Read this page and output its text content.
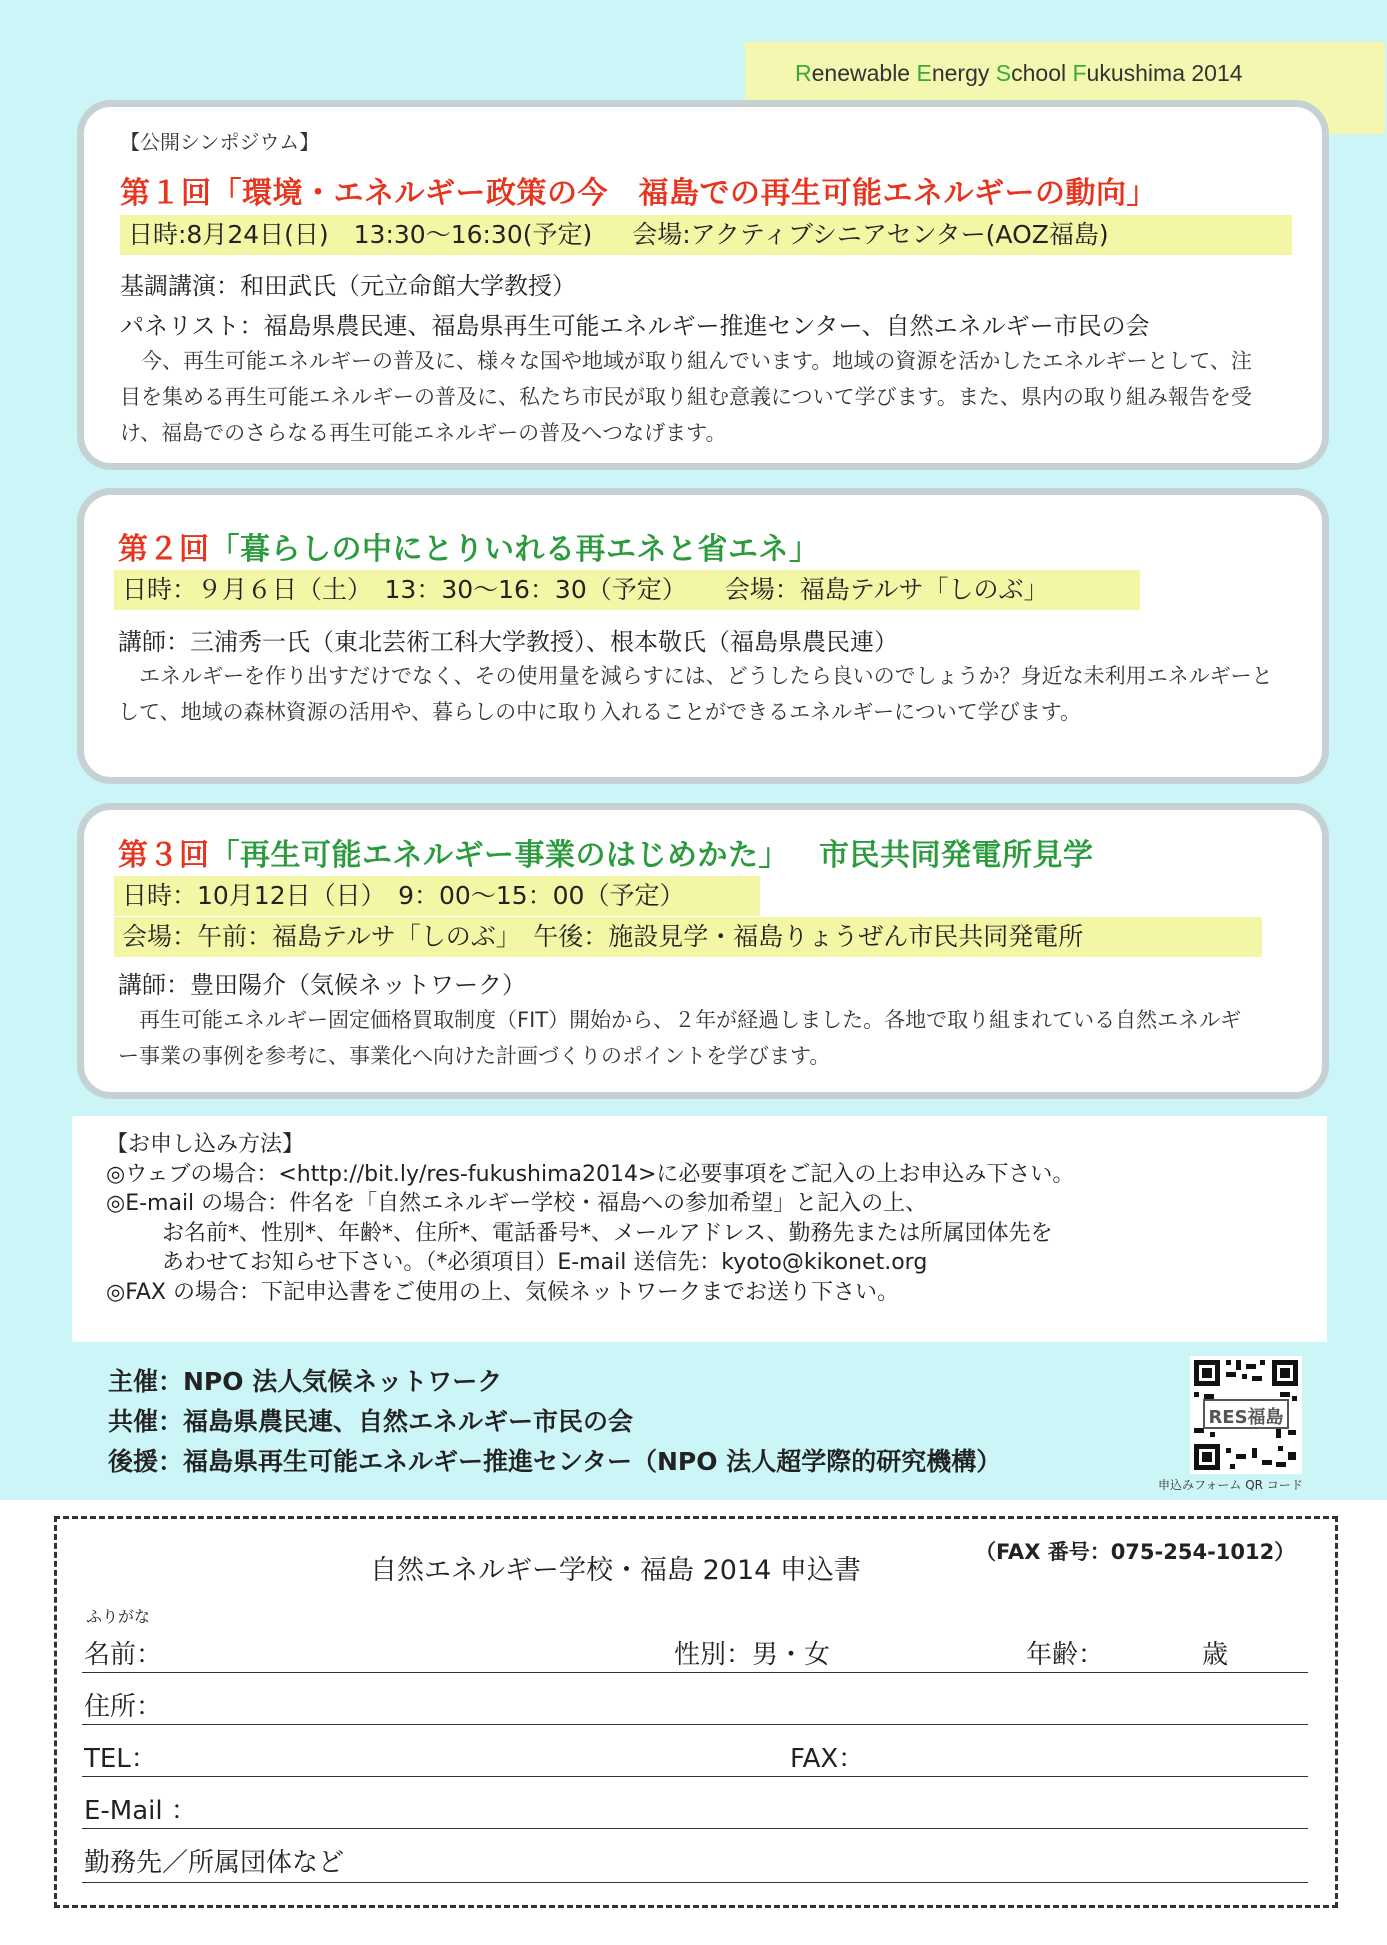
Renewable Energy School Fukushima 2014
【公開シンポジウム】
第１回「環境・エネルギー政策の今　福島での再生可能エネルギーの動向」
日時:8月24日(日)　13:30～16:30(予定) 会場:アクティブシニアセンター(AOZ福島)
基調講演：和田武氏（元立命館大学教授）
パネリスト：福島県農民連、福島県再生可能エネルギー推進センター、自然エネルギー市民の会
　今、再生可能エネルギーの普及に、様々な国や地域が取り組んでいます。地域の資源を活かしたエネルギーとして、注目を集める再生可能エネルギーの普及に、私たち市民が取り組む意義について学びます。また、県内の取り組み報告を受け、福島でのさらなる再生可能エネルギーの普及へつなげます。
第２回「暮らしの中にとりいれる再エネと省エネ」
日時：９月６日（土）　13：30～16：30（予定） 会場：福島テルサ「しのぶ」
講師：三浦秀一氏（東北芸術工科大学教授）、根本敬氏（福島県農民連）
　エネルギーを作り出すだけでなく、その使用量を減らすには、どうしたら良いのでしょうか？身近な未利用エネルギーとして、地域の森林資源の活用や、暮らしの中に取り入れることができるエネルギーについて学びます。
第３回「再生可能エネルギー事業のはじめかた」 市民共同発電所見学
日時：10月12日（日）　9：00～15：00（予定）
会場：午前：福島テルサ「しのぶ」　午後：施設見学・福島りょうぜん市民共同発電所
講師：豊田陽介（気候ネットワーク）
　再生可能エネルギー固定価格買取制度（FIT）開始から、２年が経過しました。各地で取り組まれている自然エネルギー事業の事例を参考に、事業化へ向けた計画づくりのポイントを学びます。
【お申し込み方法】
◎ウェブの場合：<http://bit.ly/res-fukushima2014>に必要事項をご記入の上お申込み下さい。
◎E-mail の場合：件名を「自然エネルギー学校・福島への参加希望」と記入の上、
お名前*、性別*、年齢*、住所*、電話番号*、メールアドレス、勤務先または所属団体先を
あわせてお知らせ下さい。（*必須項目）E-mail 送信先：kyoto@kikonet.org
◎FAX の場合：下記申込書をご使用の上、気候ネットワークまでお送り下さい。
主催：NPO 法人気候ネットワーク
共催：福島県農民連、自然エネルギー市民の会
後援：福島県再生可能エネルギー推進センター（NPO 法人超学際的研究機構）
RES福島
申込みフォーム QR コード
自然エネルギー学校・福島 2014 申込書
（FAX 番号：075-254-1012）
ふりがな
名前：	性別：男・女	年齢：	歳
住所：
TEL：	FAX：
E-Mail ：
勤務先／所属団体など
